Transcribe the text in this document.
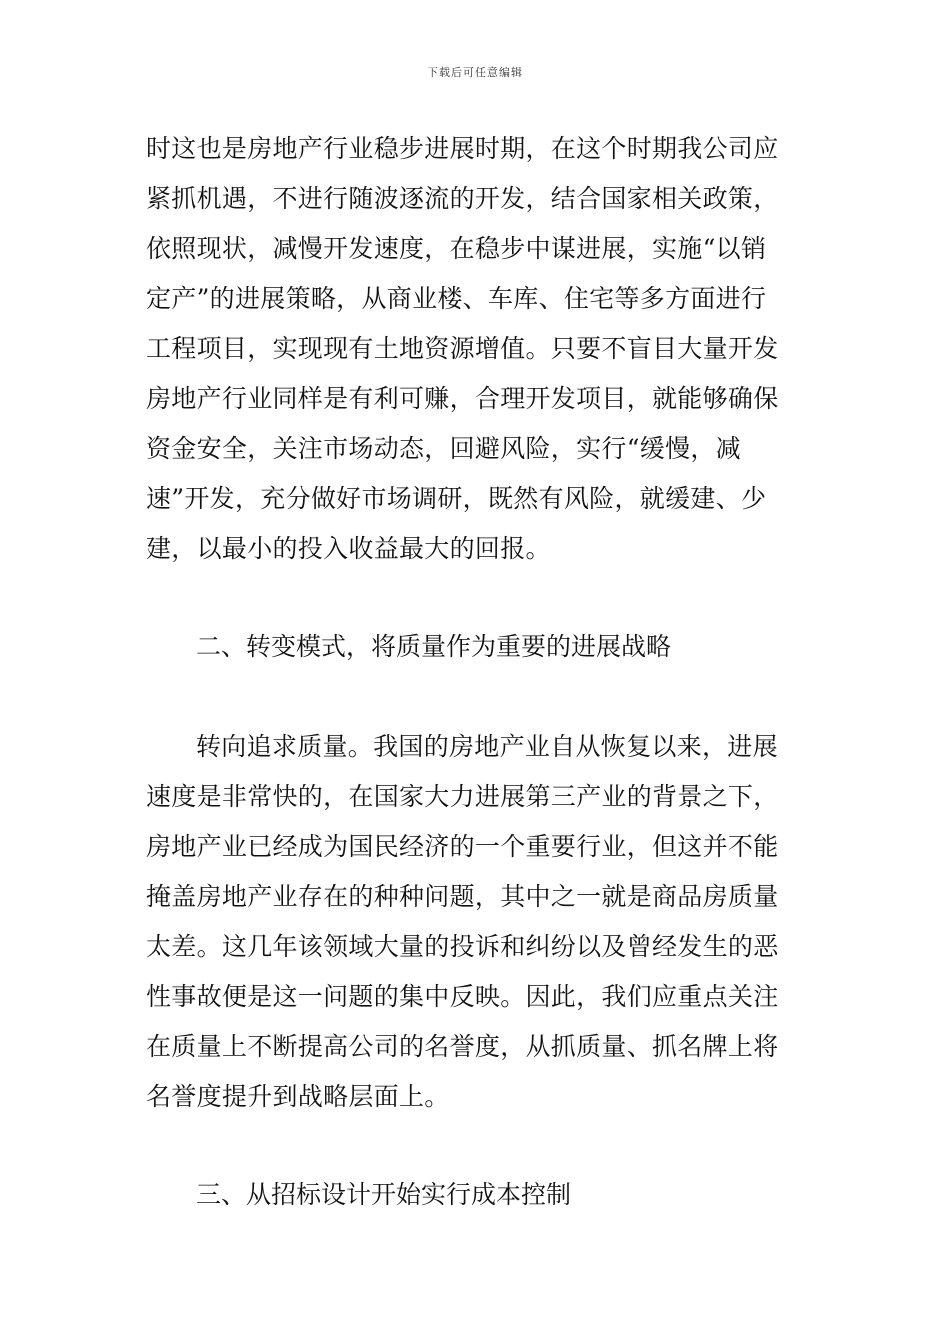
下载后可任意编辑
时这也是房地产行业稳步进展时期，在这个时期我公司应
紧抓机遇，不进行随波逐流的开发，结合国家相关政策，
依照现状，减慢开发速度，在稳步中谋进展，实施“以销
定产”的进展策略，从商业楼、车库、住宅等多方面进行
工程项目，实现现有土地资源增值。只要不盲目大量开发
房地产行业同样是有利可赚，合理开发项目，就能够确保
资金安全，关注市场动态，回避风险，实行“缓慢，减
速”开发，充分做好市场调研，既然有风险，就缓建、少
建，以最小的投入收益最大的回报。
二、转变模式，将质量作为重要的进展战略
转向追求质量。我国的房地产业自从恢复以来，进展
速度是非常快的，在国家大力进展第三产业的背景之下，
房地产业已经成为国民经济的一个重要行业，但这并不能
掩盖房地产业存在的种种问题，其中之一就是商品房质量
太差。这几年该领域大量的投诉和纠纷以及曾经发生的恶
性事故便是这一问题的集中反映。因此，我们应重点关注
在质量上不断提高公司的名誉度，从抓质量、抓名牌上将
名誉度提升到战略层面上。
三、从招标设计开始实行成本控制
